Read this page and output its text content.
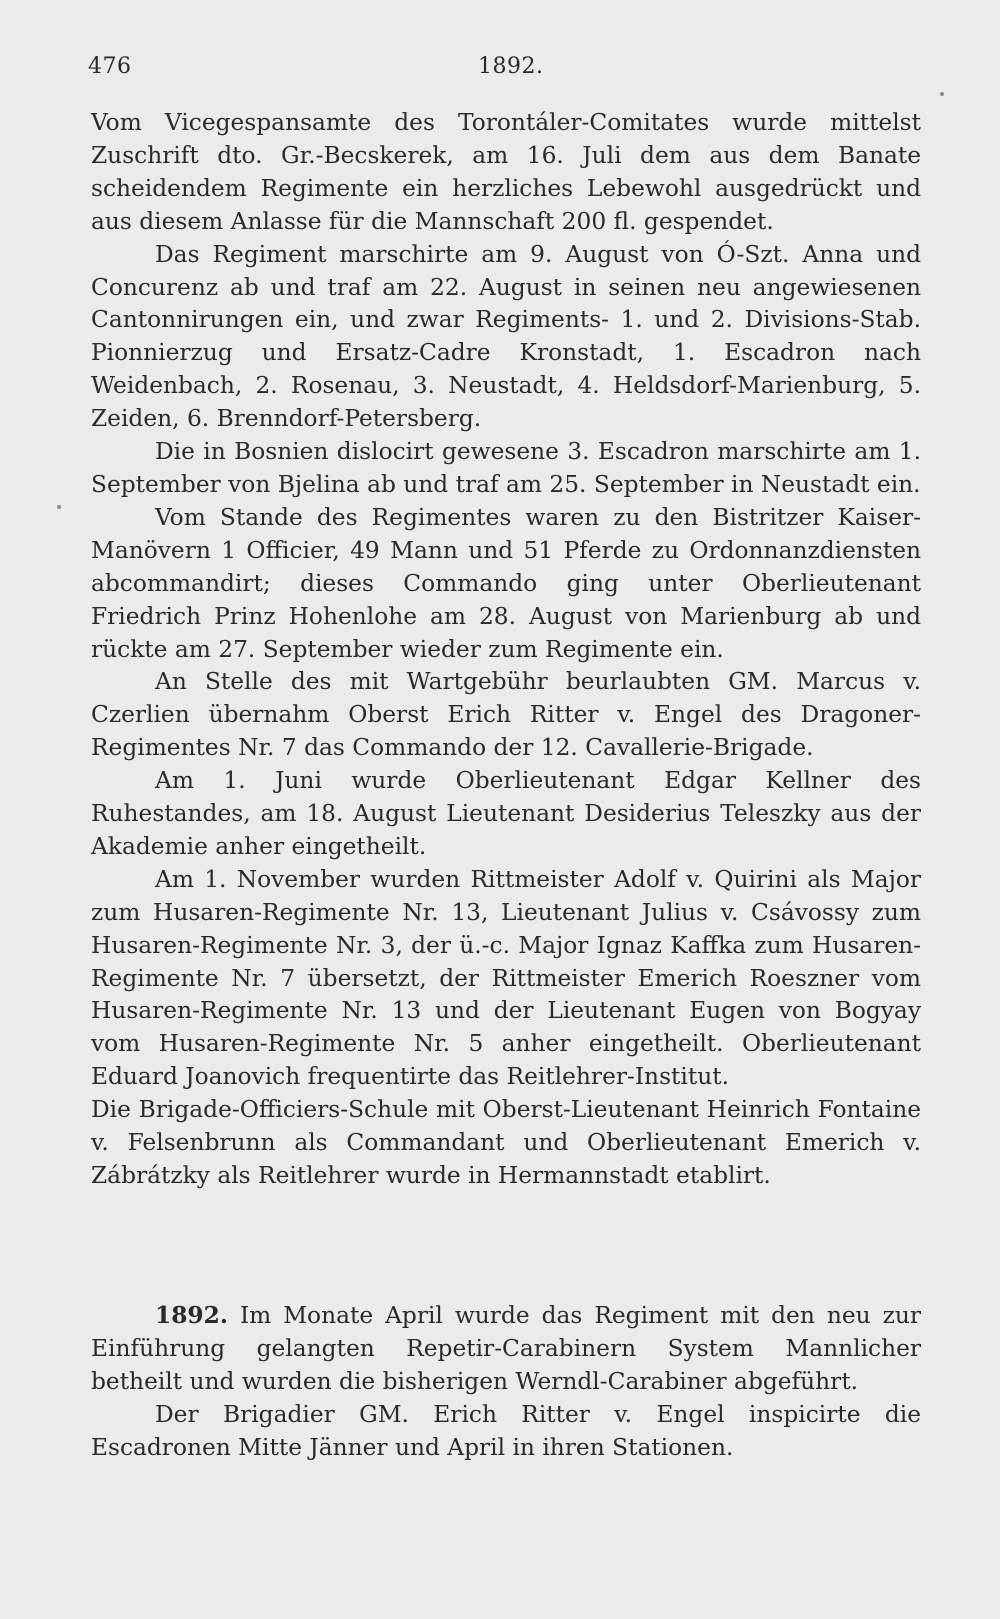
476	1892.

Vom Vicegespansamte des Torontáler-Comitates wurde mittelst Zuschrift dto. Gr.-Becskerek, am 16. Juli dem aus dem Banate scheidendem Regimente ein herzliches Lebewohl ausgedrückt und aus diesem Anlasse für die Mannschaft 200 fl. gespendet.

Das Regiment marschirte am 9. August von Ó-Szt. Anna und Concurenz ab und traf am 22. August in seinen neu angewiesenen Cantonnirungen ein, und zwar Regiments- 1. und 2. Divisions-Stab. Pionnierzug und Ersatz-Cadre Kronstadt, 1. Escadron nach Weidenbach, 2. Rosenau, 3. Neustadt, 4. Heldsdorf-Marienburg, 5. Zeiden, 6. Brenndorf-Petersberg.

Die in Bosnien dislocirt gewesene 3. Escadron marschirte am 1. September von Bjelina ab und traf am 25. September in Neustadt ein.

Vom Stande des Regimentes waren zu den Bistritzer Kaiser-Manövern 1 Officier, 49 Mann und 51 Pferde zu Ordonnanzdiensten abcommandirt; dieses Commando ging unter Oberlieutenant Friedrich Prinz Hohenlohe am 28. August von Marienburg ab und rückte am 27. September wieder zum Regimente ein.

An Stelle des mit Wartgebühr beurlaubten GM. Marcus v. Czerlien übernahm Oberst Erich Ritter v. Engel des Dragoner-Regimentes Nr. 7 das Commando der 12. Cavallerie-Brigade.

Am 1. Juni wurde Oberlieutenant Edgar Kellner des Ruhestandes, am 18. August Lieutenant Desiderius Teleszky aus der Akademie anher eingetheilt.

Am 1. November wurden Rittmeister Adolf v. Quirini als Major zum Husaren-Regimente Nr. 13, Lieutenant Julius v. Csávossy zum Husaren-Regimente Nr. 3, der ü.-c. Major Ignaz Kaffka zum Husaren-Regimente Nr. 7 übersetzt, der Rittmeister Emerich Roeszner vom Husaren-Regimente Nr. 13 und der Lieutenant Eugen von Bogyay vom Husaren-Regimente Nr. 5 anher eingetheilt. Oberlieutenant Eduard Joanovich frequentirte das Reitlehrer-Institut.

Die Brigade-Officiers-Schule mit Oberst-Lieutenant Heinrich Fontaine v. Felsenbrunn als Commandant und Oberlieutenant Emerich v. Zábrátzky als Reitlehrer wurde in Hermannstadt etablirt.

1892. Im Monate April wurde das Regiment mit den neu zur Einführung gelangten Repetir-Carabinern System Mannlicher betheilt und wurden die bisherigen Werndl-Carabiner abgeführt.

Der Brigadier GM. Erich Ritter v. Engel inspicirte die Escadronen Mitte Jänner und April in ihren Stationen.
